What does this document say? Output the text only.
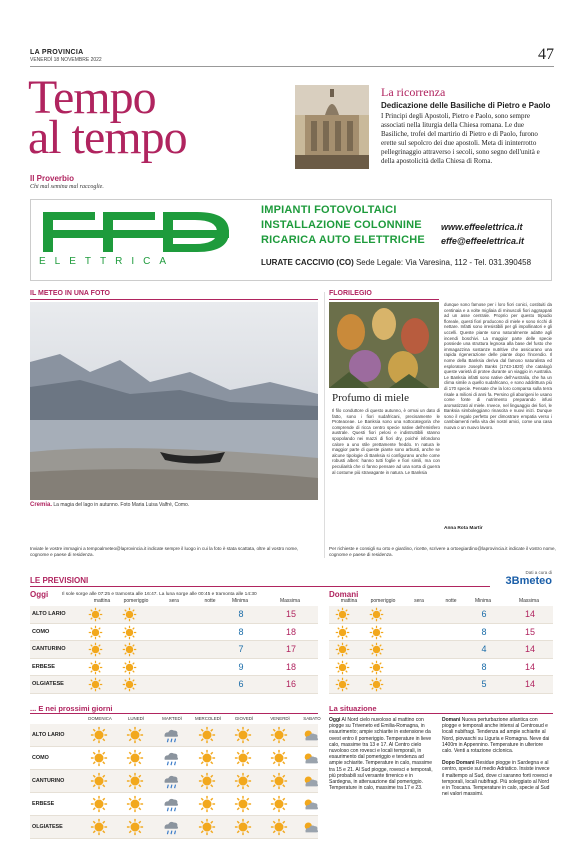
LA PROVINCIA
VENERDÌ 18 NOVEMBRE 2022	47
Tempo
al tempo
Il Proverbio
Chi mal semina mal raccoglie.
La ricorrenza
Dedicazione delle Basiliche di Pietro e Paolo
I Principi degli Apostoli, Pietro e Paolo, sono sempre associati nella liturgia della Chiesa romana. Le due Basiliche, trofei del martirio di Pietro e di Paolo, furono erette sul sepolcro dei due apostoli. Meta di ininterrotto pellegrinaggio attraverso i secoli, sono segno dell'unità e della apostolicità della Chiesa di Roma.
ELETTRICA
IMPIANTI FOTOVOLTAICI
INSTALLAZIONE COLONNINE
RICARICA AUTO ELETTRICHE
www.effeelettrica.it
effe@effeelettrica.it
LURATE CACCIVIO (CO) Sede Legale: Via Varesina, 112 - Tel. 031.390458
IL METEO IN UNA FOTO
Cremia. La magia del lago in autunno. Foto Maria Luisa Valfré, Como.
Inviate le vostre immagini a tempoalmeteo@laprovincia.it indicate sempre il luogo in cui la foto è stata scattata, oltre al vostro nome, cognome e paese di residenza.
FLORILEGIO
Profumo di miele
Il filo conduttore di questo autunno, è ormai un dato di fatto, sono i fiori sudafricani, precisamente le Proteaceae. Le Banksia sono una sottocategoria che comprende di ricca centro specie native dell'emisfero australe. Questi fiori pelosi e indistruttibili stanno spopolando nei mazzi di fiori dry, poiché infondono calore a uno stile prettamente freddo. In natura le maggior parte di queste piante sono arbusti, anche se alcune tipologie di Banksia si configurano anche come robusti alberi: hanno tutti foglie e fiori simili, ma con peculiarità che ci fanno pensare ad una sorta di guerra al costume più stravagante in natura. Le Banksia
dunque sono famose per i loro fiori conici, costituiti da centinaia e a volte migliaia di minuscoli fiori aggrappati ad un asse centrale. Proprio per questo tripudio floreale, questi fiori producono di miele e sono ricchi di nettare. Infatti sono irresistibili per gli impollinatori e gli uccelli. Queste piante sono naturalmente adatte agli incendi boschivi. La maggior parte delle specie possiede una struttura legnosa alla base del fusto che immagazzina sostanze nutritive che assicurano una rapida rigenerazione delle piante dopo l'incendio. Il nome della Banksia deriva dal famoso naturalista ed esploratore Joseph Banks (1743-1820) che catalogò queste varietà di protee durante un viaggio in Australia. Le Banksia infatti sono native dell'Australia, che ha un clima simile a quello sudafricano, e sono addirittura più di 170 specie. Pensate che la loro comparsa sulla terra risale a milioni di anni fa. Persino gli aborigeni le usano come fonte di nutrimento preparando infusi aromatizzati al miele. Invece, nel linguaggio dei fiori, le Banksia simboleggiano rinascita e nuovi inizi. Dunque sono il regalo perfetto per dimostrare empatia verso i cambiamenti nella vita dei nostri amici, come una casa nuova o un nuovo lavoro.
Anna Rota Martir
Per richieste e consigli su orto e giardino, ricette, scrivere a ortoegiardino@laprovincia.it indicate il vostro nome, cognome e paese di residenza.
LE PREVISIONI
Dati a cura di
3Bmeteo
Oggi	Il sole sorge alle 07:25 e tramonta alle 16:47. La luna sorge alle 00:45 e tramonta alle 14:30	Domani
mattina	pomeriggio	sera	notte	Minima	Massima
ALTO LARIO	8	15
COMO	8	18
CANTURINO	7	17
ERBESE	9	18
OLGIATESE	6	16
mattina	pomeriggio	sera	notte	Minima	Massima
6	14
8	15
4	14
8	14
5	14
... E nei prossimi giorni
DOMENICA	LUNEDÌ	MARTEDÌ	MERCOLEDÌ	GIOVEDÌ	VENERDÌ	SABATO
ALTO LARIO
COMO
CANTURINO
ERBESE
OLGIATESE
La situazione
Oggi Al Nord cielo nuvoloso al mattino con piogge su Triveneto ed Emilia-Romagna, in esaurimento; ampie schiarite in estensione da ovest entro il pomeriggio. Temperature in lieve calo, massime tra 13 e 17. Al Centro cielo nuvoloso con rovesci e locali temporali, in esaurimento dal pomeriggio e tendenza ad ampie schiarite. Temperature in calo, massime tra 15 e 21. Al Sud piogge, rovesci e temporali, più probabili sul versante tirrenico e in Sardegna, in attenuazione dal pomeriggio. Temperature in calo, massime tra 17 e 23.
Domani Nuova perturbazione atlantica con piogge e temporali anche intensi al Centrosud e locali nubifragi. Tendenza ad ampie schiarite al Nord, piovaschi su Liguria e Romagna. Neve dai 1400m in Appennino. Temperature in ulteriore calo. Venti a rotazione ciclonica.
Dopo Domani Residue piogge in Sardegna e al centro, specie sul medio Adriatico. Insiste invece il maltempo al Sud, dove ci saranno forti rovesci e temporali, locali nubifragi. Più soleggiato al Nord e in Toscana. Temperature in calo, specie al Sud nei valori massimi.
